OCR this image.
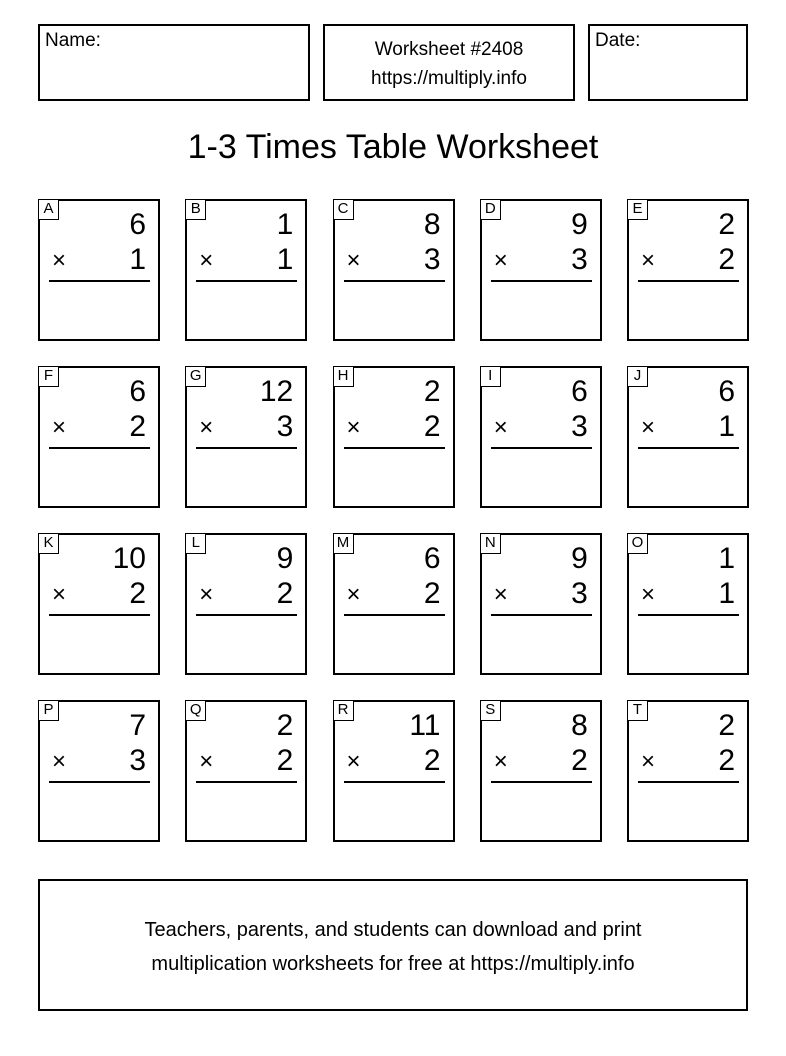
Name:	Worksheet #2408
https://multiply.info
Date:
1-3 Times Table Worksheet
A	6
× 1
B	1
× 1
C	8
× 3
D	9
× 3
E	2
× 2
F	6
× 2
G 12
× 3
H	2
× 2
I	6
× 3
J	6
× 1
K 10
× 2
L	9
× 2
M 6
× 2
N	9
× 3
O 1
× 1
P	7
× 3
Q 2
× 2
R 11
× 2
S	8
× 2
T	2
× 2
Teachers, parents, and students can download and print
multiplication worksheets for free at https://multiply.info
